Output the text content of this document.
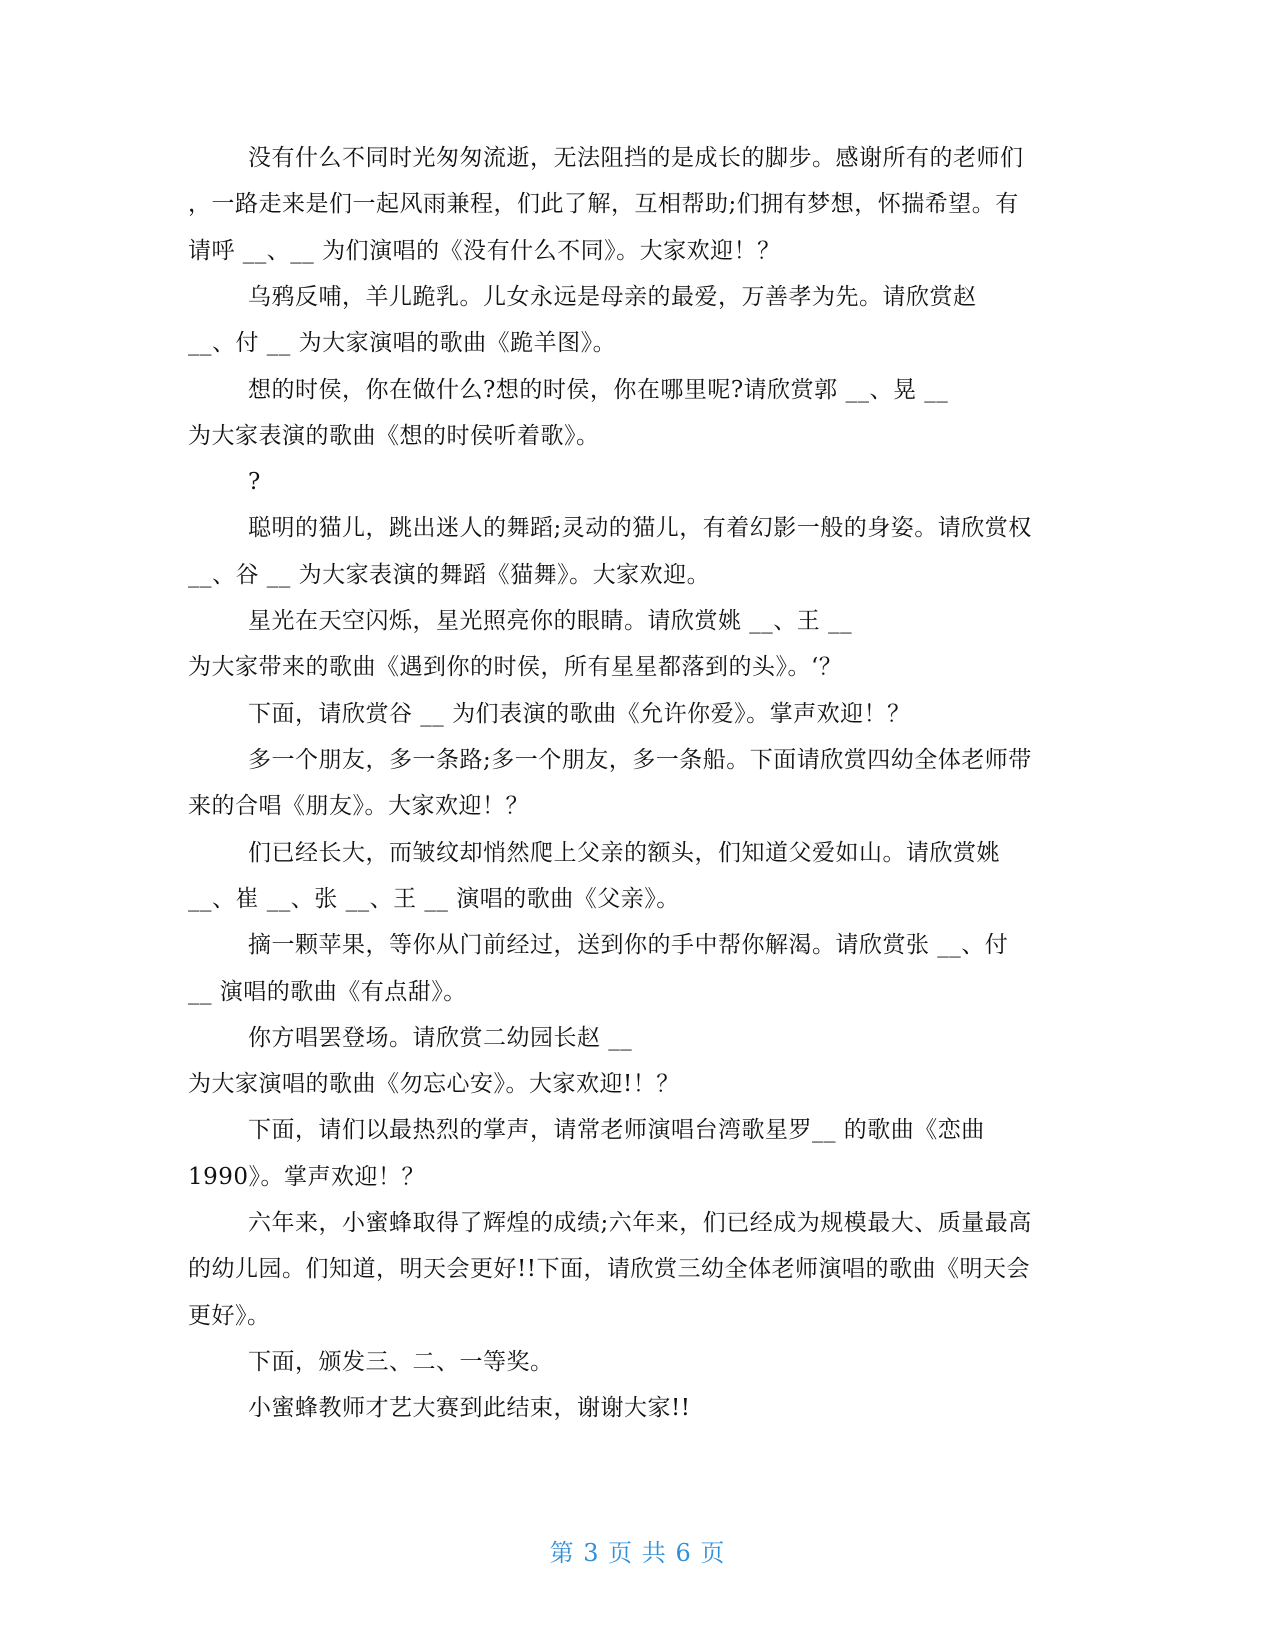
没有什么不同时光匆匆流逝，无法阻挡的是成长的脚步。感谢所有的老师们
，一路走来是们一起风雨兼程，们此了解，互相帮助;们拥有梦想，怀揣希望。有
请呼 __、__ 为们演唱的《没有什么不同》。大家欢迎！？
乌鸦反哺，羊儿跪乳。儿女永远是母亲的最爱，万善孝为先。请欣赏赵
__、付 __ 为大家演唱的歌曲《跪羊图》。
想的时侯，你在做什么?想的时侯，你在哪里呢?请欣赏郭 __、晃 __
为大家表演的歌曲《想的时侯听着歌》。
?
聪明的猫儿，跳出迷人的舞蹈;灵动的猫儿，有着幻影一般的身姿。请欣赏权
__、谷 __ 为大家表演的舞蹈《猫舞》。大家欢迎。
星光在天空闪烁，星光照亮你的眼睛。请欣赏姚 __、王 __
为大家带来的歌曲《遇到你的时侯，所有星星都落到的头》。‘？
下面，请欣赏谷 __ 为们表演的歌曲《允许你爱》。掌声欢迎！？
多一个朋友，多一条路;多一个朋友，多一条船。下面请欣赏四幼全体老师带
来的合唱《朋友》。大家欢迎！？
们已经长大，而皱纹却悄然爬上父亲的额头，们知道父爱如山。请欣赏姚
__、崔 __、张 __、王 __ 演唱的歌曲《父亲》。
摘一颗苹果，等你从门前经过，送到你的手中帮你解渴。请欣赏张 __、付
__ 演唱的歌曲《有点甜》。
你方唱罢登场。请欣赏二幼园长赵 __
为大家演唱的歌曲《勿忘心安》。大家欢迎!！？
下面，请们以最热烈的掌声，请常老师演唱台湾歌星罗__ 的歌曲《恋曲
1990》。掌声欢迎！？
六年来，小蜜蜂取得了辉煌的成绩;六年来，们已经成为规模最大、质量最高
的幼儿园。们知道，明天会更好!!下面，请欣赏三幼全体老师演唱的歌曲《明天会
更好》。
下面，颁发三、二、一等奖。
小蜜蜂教师才艺大赛到此结束，谢谢大家!!
第 3 页 共 6 页
